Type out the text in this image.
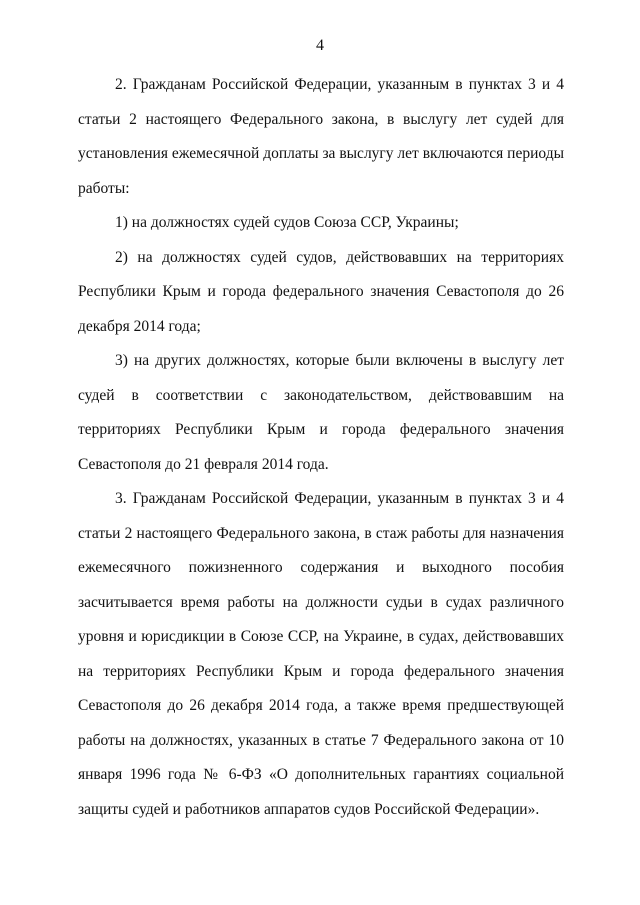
4

2. Гражданам Российской Федерации, указанным в пунктах 3 и 4 статьи 2 настоящего Федерального закона, в выслугу лет судей для установления ежемесячной доплаты за выслугу лет включаются периоды работы:

1) на должностях судей судов Союза ССР, Украины;

2) на должностях судей судов, действовавших на территориях Республики Крым и города федерального значения Севастополя до 26 декабря 2014 года;

3) на других должностях, которые были включены в выслугу лет судей в соответствии с законодательством, действовавшим на территориях Республики Крым и города федерального значения Севастополя до 21 февраля 2014 года.

3. Гражданам Российской Федерации, указанным в пунктах 3 и 4 статьи 2 настоящего Федерального закона, в стаж работы для назначения ежемесячного пожизненного содержания и выходного пособия засчитывается время работы на должности судьи в судах различного уровня и юрисдикции в Союзе ССР, на Украине, в судах, действовавших на территориях Республики Крым и города федерального значения Севастополя до 26 декабря 2014 года, а также время предшествующей работы на должностях, указанных в статье 7 Федерального закона от 10 января 1996 года № 6-ФЗ «О дополнительных гарантиях социальной защиты судей и работников аппаратов судов Российской Федерации».
